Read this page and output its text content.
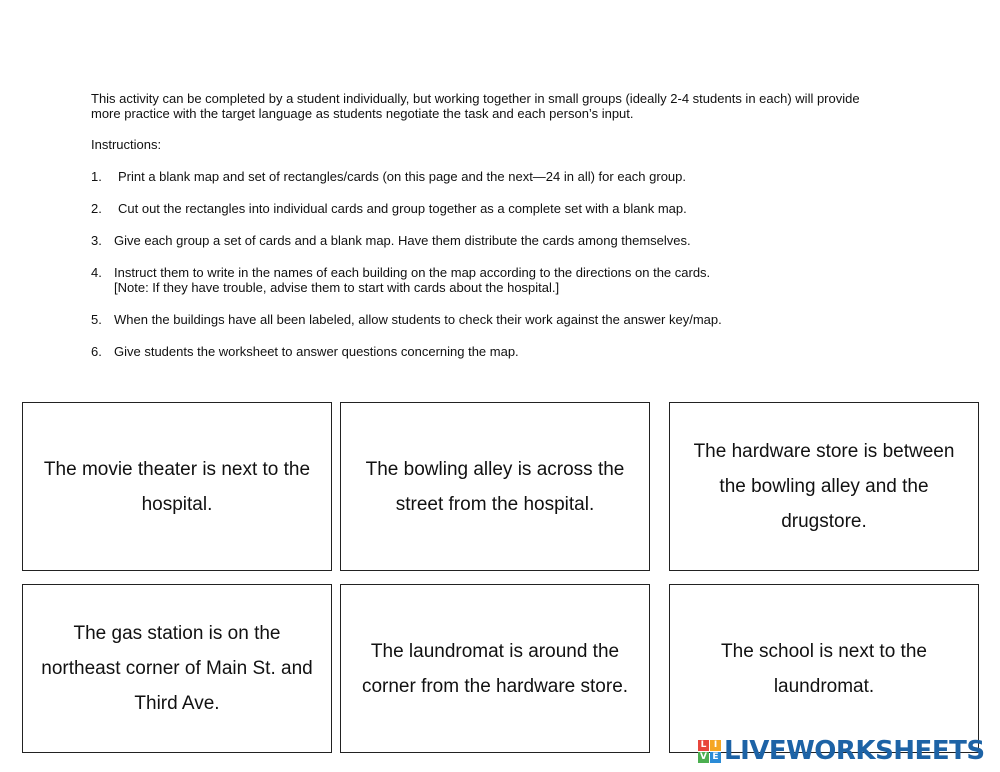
This activity can be completed by a student individually, but working together in small groups (ideally 2-4 students in each) will provide more practice with the target language as students negotiate the task and each person’s input.

Instructions:

1. Print a blank map and set of rectangles/cards (on this page and the next—24 in all) for each group.

2. Cut out the rectangles into individual cards and group together as a complete set with a blank map.

3. Give each group a set of cards and a blank map. Have them distribute the cards among themselves.

4. Instruct them to write in the names of each building on the map according to the directions on the cards.
[Note: If they have trouble, advise them to start with cards about the hospital.]

5. When the buildings have all been labeled, allow students to check their work against the answer key/map.

6. Give students the worksheet to answer questions concerning the map.

The movie theater is next to the hospital.
The bowling alley is across the street from the hospital.
The hardware store is between the bowling alley and the drugstore.
The gas station is on the northeast corner of Main St. and Third Ave.
The laundromat is around the corner from the hardware store.
The school is next to the laundromat.
L I
V E LIVEWORKSHEETS
